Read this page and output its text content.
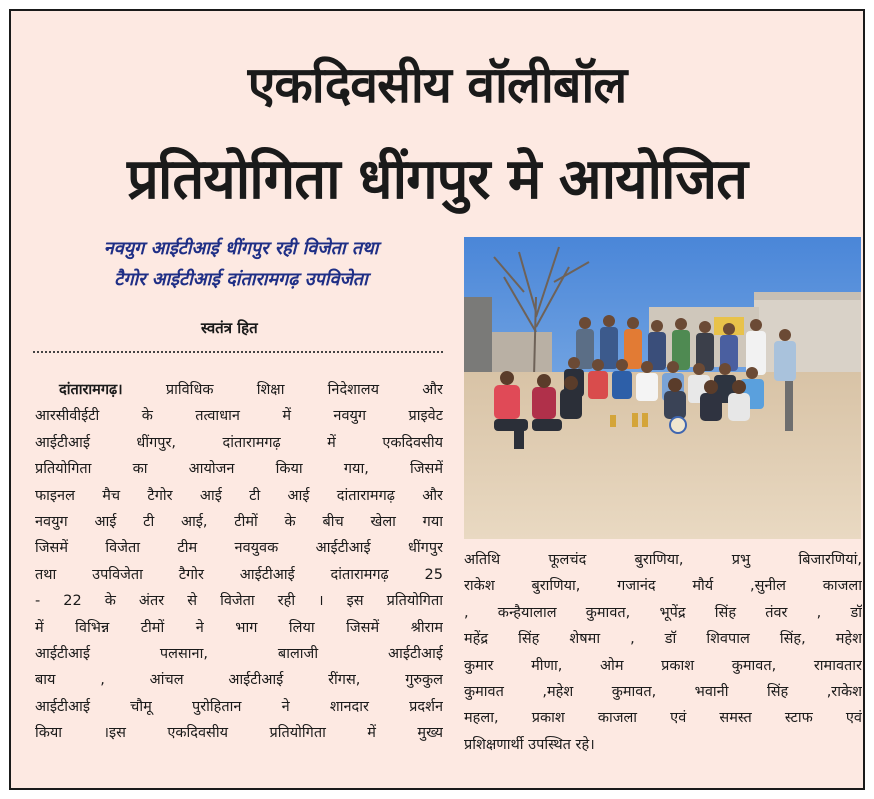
एकदिवसीय वॉलीबॉल
प्रतियोगिता धींगपुर मे आयोजित
नवयुग आईटीआई धींगपुर रही विजेता तथा
टैगोर आईटीआई दांतारामगढ़ उपविजेता
स्वतंत्र हित
दांतारामगढ़। प्राविधिक शिक्षा निदेशालय और
आरसीवीईटी के तत्वाधान में नवयुग प्राइवेट
आईटीआई धींगपुर, दांतारामगढ़ में एकदिवसीय
प्रतियोगिता का आयोजन किया गया, जिसमें
फाइनल मैच टैगोर आई टी आई दांतारामगढ़ और
नवयुग आई टी आई, टीमों के बीच खेला गया
जिसमें विजेता टीम नवयुवक आईटीआई धींगपुर
तथा उपविजेता टैगोर आईटीआई दांतारामगढ़ 25
- 22 के अंतर से विजेता रही । इस प्रतियोगिता
में विभिन्न टीमों ने भाग लिया जिसमें श्रीराम
आईटीआई पलसाना, बालाजी आईटीआई
बाय , आंचल आईटीआई रींगस, गुरुकुल
आईटीआई चौमू पुरोहितान ने शानदार प्रदर्शन
किया ।इस एकदिवसीय प्रतियोगिता में मुख्य
अतिथि फूलचंद बुराणिया, प्रभु बिजारणियां,
राकेश बुराणिया, गजानंद मौर्य ,सुनील काजला
, कन्हैयालाल कुमावत, भूपेंद्र सिंह तंवर , डॉ
महेंद्र सिंह शेषमा , डॉ शिवपाल सिंह, महेश
कुमार मीणा, ओम प्रकाश कुमावत, रामावतार
कुमावत ,महेश कुमावत, भवानी सिंह ,राकेश
महला, प्रकाश काजला एवं समस्त स्टाफ एवं
प्रशिक्षणार्थी उपस्थित रहे।
